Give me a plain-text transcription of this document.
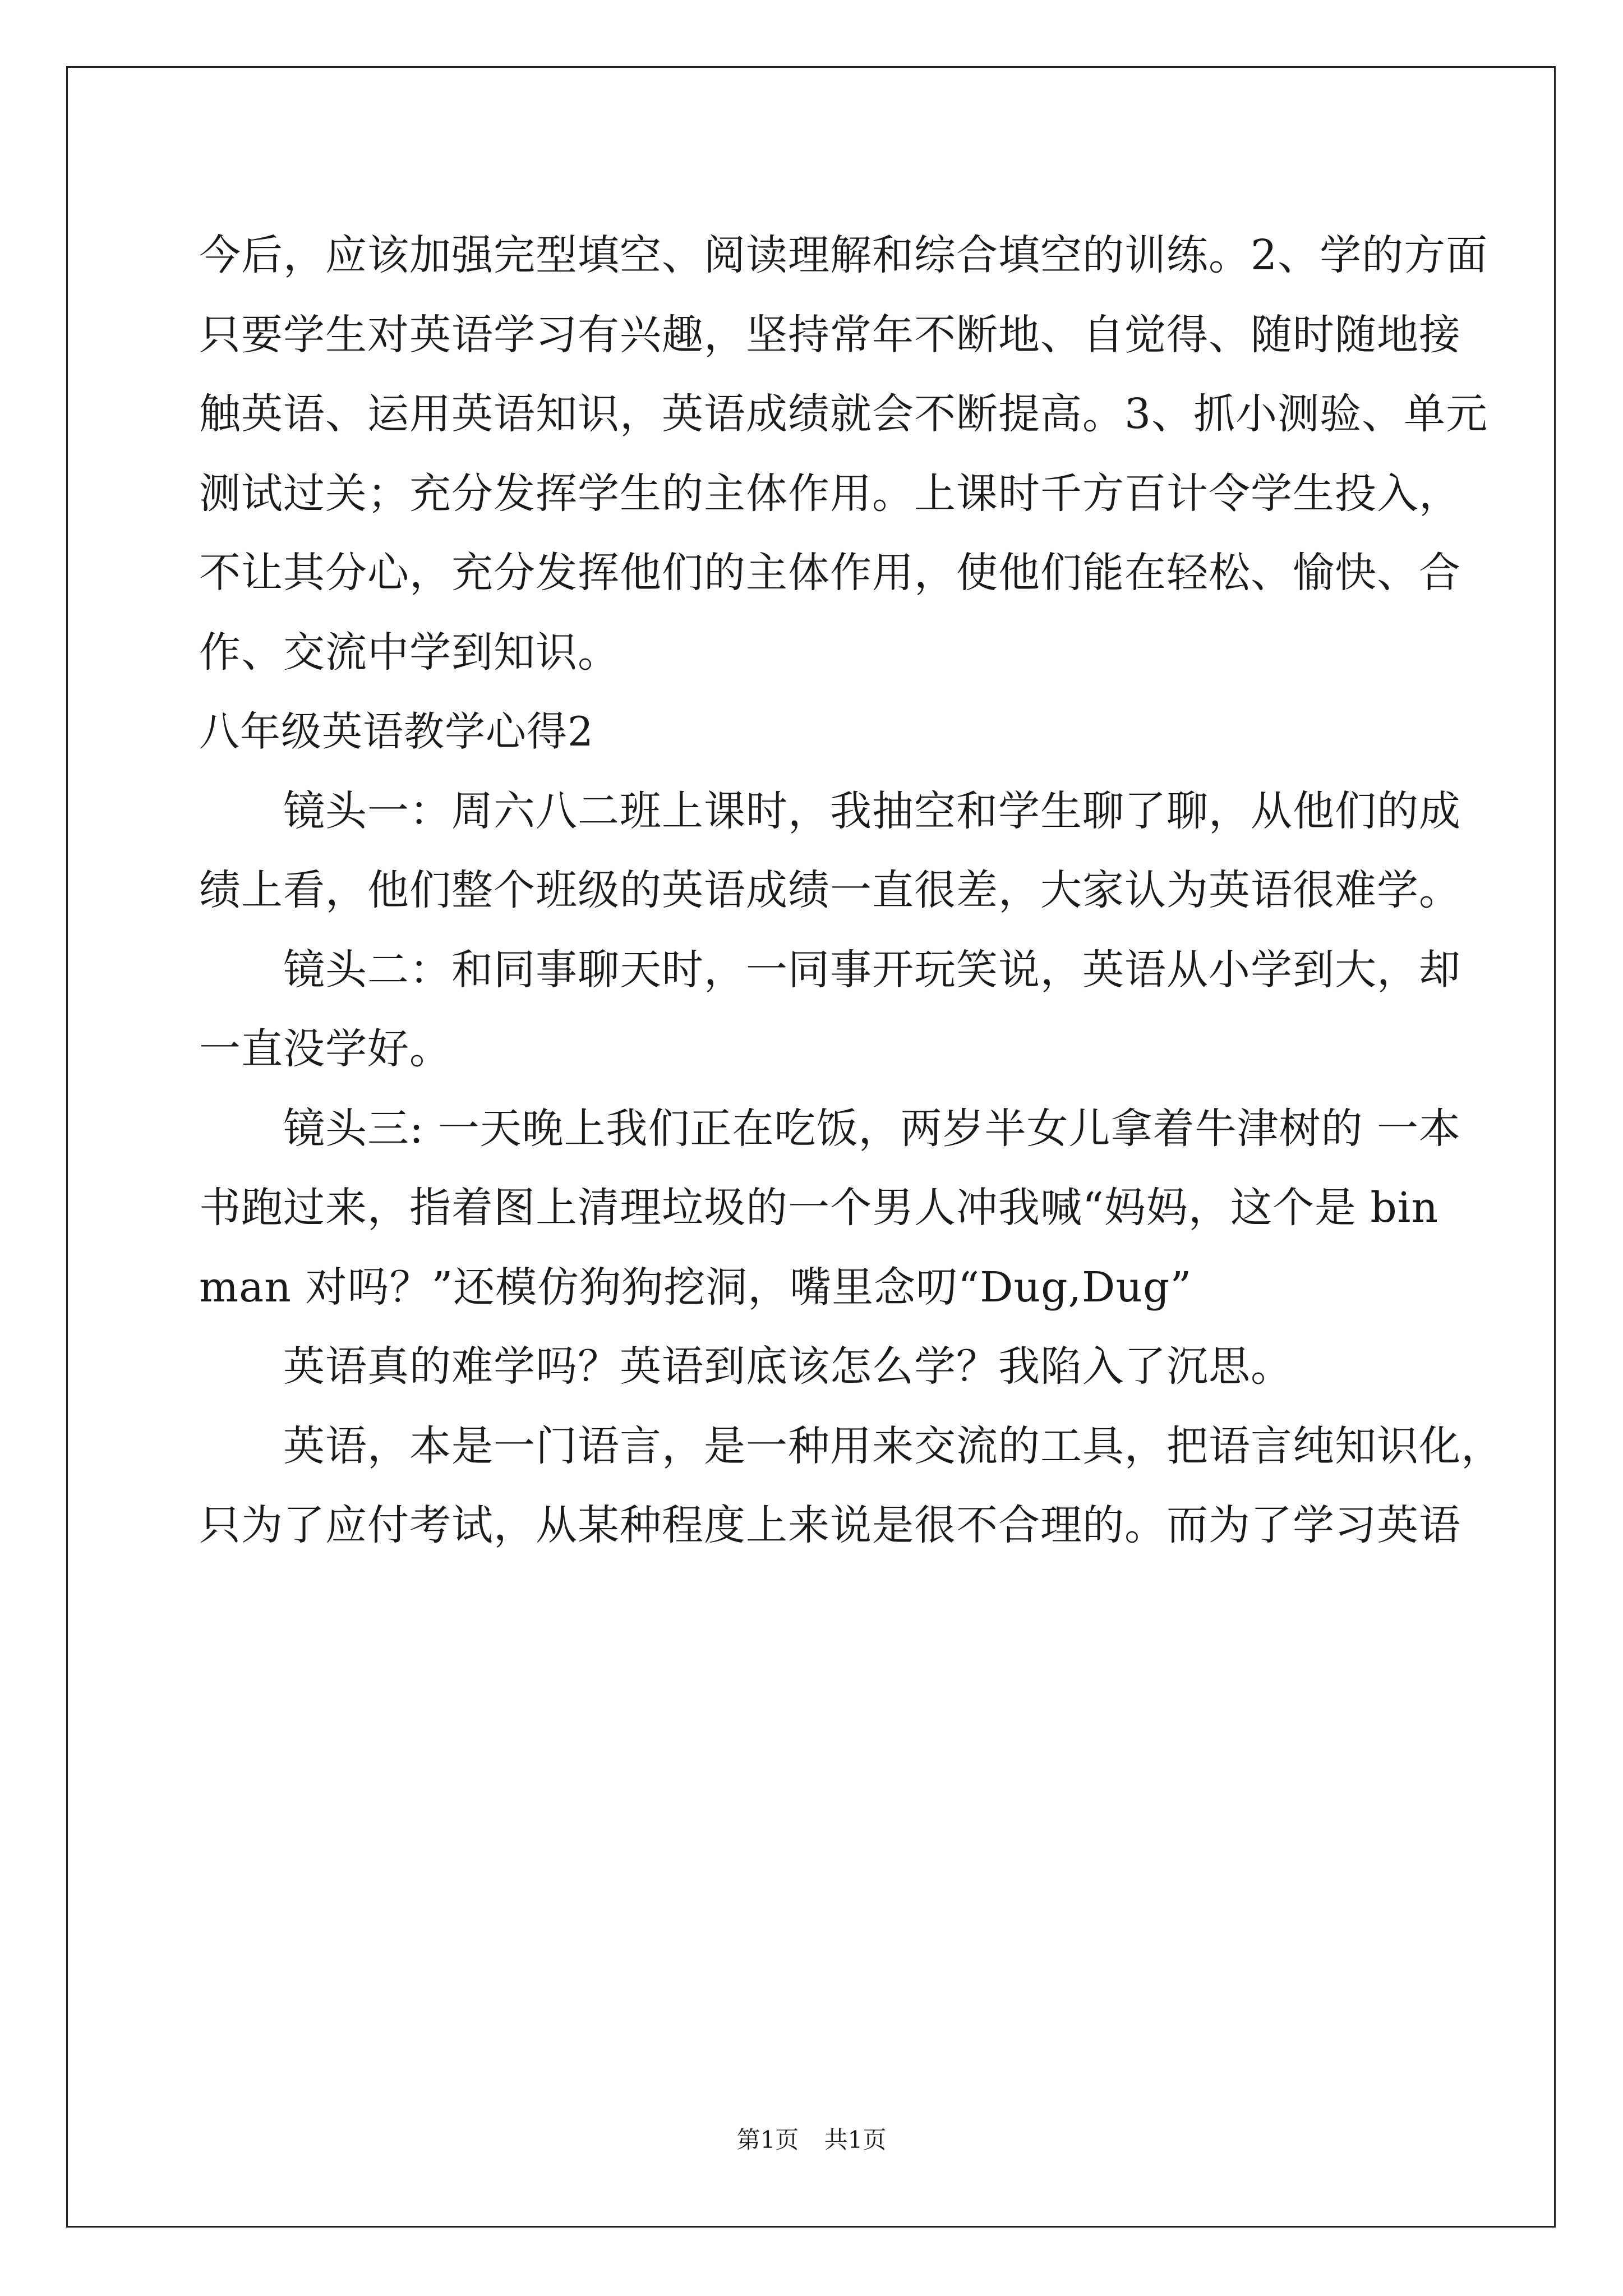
今后，应该加强完型填空、阅读理解和综合填空的训练。2、学的方面
只要学生对英语学习有兴趣，坚持常年不断地、自觉得、随时随地接
触英语、运用英语知识，英语成绩就会不断提高。3、抓小测验、单元
测试过关；充分发挥学生的主体作用。上课时千方百计令学生投入，
不让其分心，充分发挥他们的主体作用，使他们能在轻松、愉快、合
作、交流中学到知识。
八年级英语教学心得2
镜头一：周六八二班上课时，我抽空和学生聊了聊，从他们的成
绩上看，他们整个班级的英语成绩一直很差，大家认为英语很难学。
镜头二：和同事聊天时，一同事开玩笑说，英语从小学到大，却
一直没学好。
镜头三: 一天晚上我们正在吃饭，两岁半女儿拿着牛津树的 一本
书跑过来，指着图上清理垃圾的一个男人冲我喊“妈妈，这个是 bin
man 对吗？”还模仿狗狗挖洞，嘴里念叨“Dug,Dug”
英语真的难学吗？英语到底该怎么学？我陷入了沉思。
英语，本是一门语言，是一种用来交流的工具，把语言纯知识化，
只为了应付考试，从某种程度上来说是很不合理的。而为了学习英语
第1页 共1页
